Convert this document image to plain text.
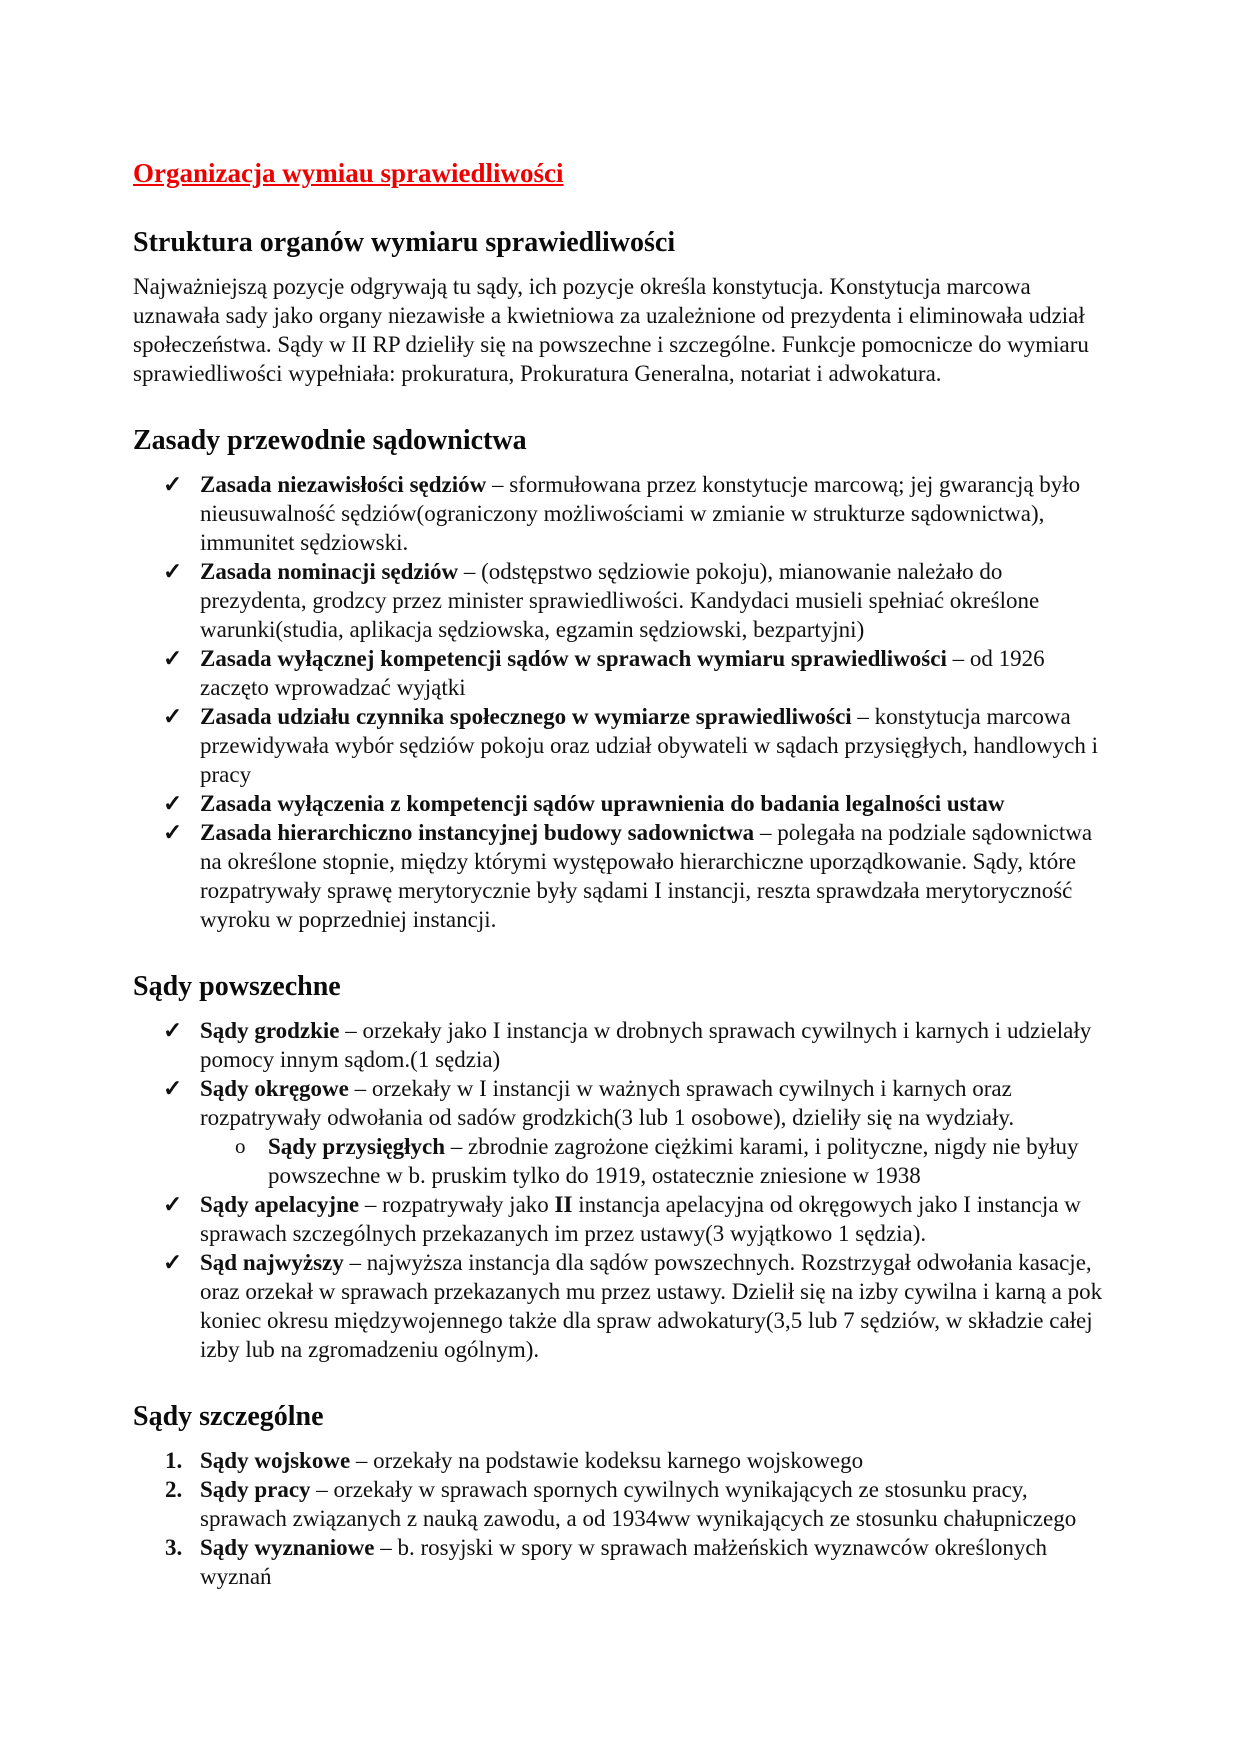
Organizacja wymiau sprawiedliwości
Struktura organów wymiaru sprawiedliwości

Najważniejszą pozycje odgrywają tu sądy, ich pozycje określa konstytucja. Konstytucja marcowa uznawała sady jako organy niezawisłe a kwietniowa za uzależnione od prezydenta i eliminowała udział społeczeństwa. Sądy w II RP dzieliły się na powszechne i szczególne. Funkcje pomocnicze do wymiaru sprawiedliwości wypełniała: prokuratura, Prokuratura Generalna, notariat i adwokatura.

Zasady przewodnie sądownictwa
✓ Zasada niezawisłości sędziów – sformułowana przez konstytucje marcową; jej gwarancją było nieusuwalność sędziów(ograniczony możliwościami w zmianie w strukturze sądownictwa), immunitet sędziowski.
✓ Zasada nominacji sędziów – (odstępstwo sędziowie pokoju), mianowanie należało do prezydenta, grodzcy przez minister sprawiedliwości. Kandydaci musieli spełniać określone warunki(studia, aplikacja sędziowska, egzamin sędziowski, bezpartyjni)
✓ Zasada wyłącznej kompetencji sądów w sprawach wymiaru sprawiedliwości – od 1926 zaczęto wprowadzać wyjątki
✓ Zasada udziału czynnika społecznego w wymiarze sprawiedliwości – konstytucja marcowa przewidywała wybór sędziów pokoju oraz udział obywateli w sądach przysięgłych, handlowych i pracy
✓ Zasada wyłączenia z kompetencji sądów uprawnienia do badania legalności ustaw
✓ Zasada hierarchiczno instancyjnej budowy sadownictwa – polegała na podziale sądownictwa na określone stopnie, między którymi występowało hierarchiczne uporządkowanie. Sądy, które rozpatrywały sprawę merytorycznie były sądami I instancji, reszta sprawdzała merytoryczność wyroku w poprzedniej instancji.
Sądy powszechne
✓ Sądy grodzkie – orzekały jako I instancja w drobnych sprawach cywilnych i karnych i udzielały pomocy innym sądom.(1 sędzia)
✓ Sądy okręgowe – orzekały w I instancji w ważnych sprawach cywilnych i karnych oraz rozpatrywały odwołania od sadów grodzkich(3 lub 1 osobowe), dzieliły się na wydziały.
o Sądy przysięgłych – zbrodnie zagrożone ciężkimi karami, i polityczne, nigdy nie byłuy powszechne w b. pruskim tylko do 1919, ostatecznie zniesione w 1938
✓ Sądy apelacyjne – rozpatrywały jako II instancja apelacyjna od okręgowych jako I instancja w sprawach szczególnych przekazanych im przez ustawy(3 wyjątkowo 1 sędzia).
✓ Sąd najwyższy – najwyższa instancja dla sądów powszechnych. Rozstrzygał odwołania kasacje, oraz orzekał w sprawach przekazanych mu przez ustawy. Dzielił się na izby cywilna i karną a pok koniec okresu międzywojennego także dla spraw adwokatury(3,5 lub 7 sędziów, w składzie całej izby lub na zgromadzeniu ogólnym).
Sądy szczególne
1. Sądy wojskowe – orzekały na podstawie kodeksu karnego wojskowego
2. Sądy pracy – orzekały w sprawach spornych cywilnych wynikających ze stosunku pracy, sprawach związanych z nauką zawodu, a od 1934ww wynikających ze stosunku chałupniczego
3. Sądy wyznaniowe – b. rosyjski w spory w sprawach małżeńskich wyznawców określonych wyznań
